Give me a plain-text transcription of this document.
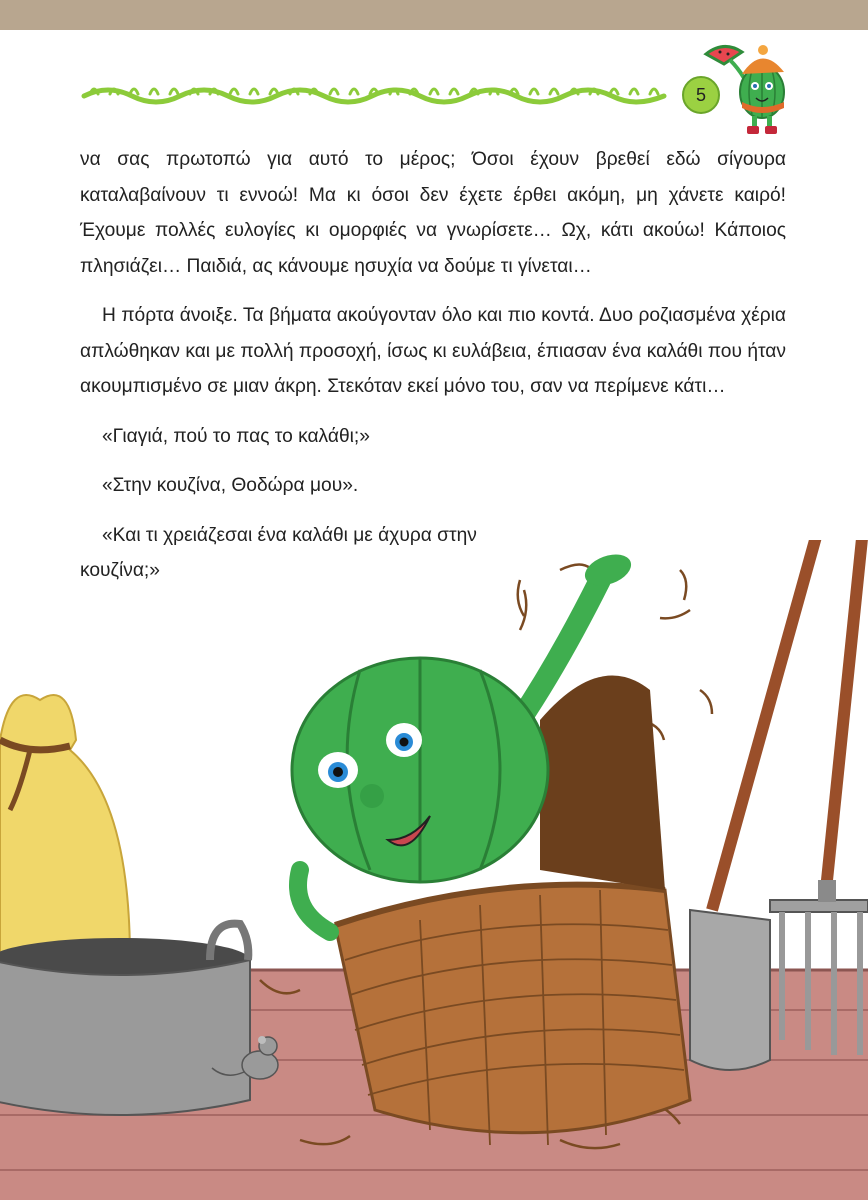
5

να σας πρωτοπώ για αυτό το μέρος; Όσοι έχουν βρεθεί εδώ σίγουρα καταλαβαίνουν τι εννοώ! Μα κι όσοι δεν έχετε έρθει ακόμη, μη χάνετε καιρό! Έχουμε πολλές ευλογίες κι ομορφιές να γνωρίσετε… Ωχ, κάτι ακούω! Κάποιος πλησιάζει… Παιδιά, ας κάνουμε ησυχία να δούμε τι γίνεται…

Η πόρτα άνοιξε. Τα βήματα ακούγονταν όλο και πιο κοντά. Δυο ροζιασμένα χέρια απλώθηκαν και με πολλή προσοχή, ίσως κι ευλάβεια, έπιασαν ένα καλάθι που ήταν ακουμπισμένο σε μιαν άκρη. Στεκόταν εκεί μόνο του, σαν να περίμενε κάτι…

«Γιαγιά, πού το πας το καλάθι;»

«Στην κουζίνα, Θοδώρα μου».

«Και τι χρειάζεσαι ένα καλάθι με άχυρα στην κουζίνα;»
